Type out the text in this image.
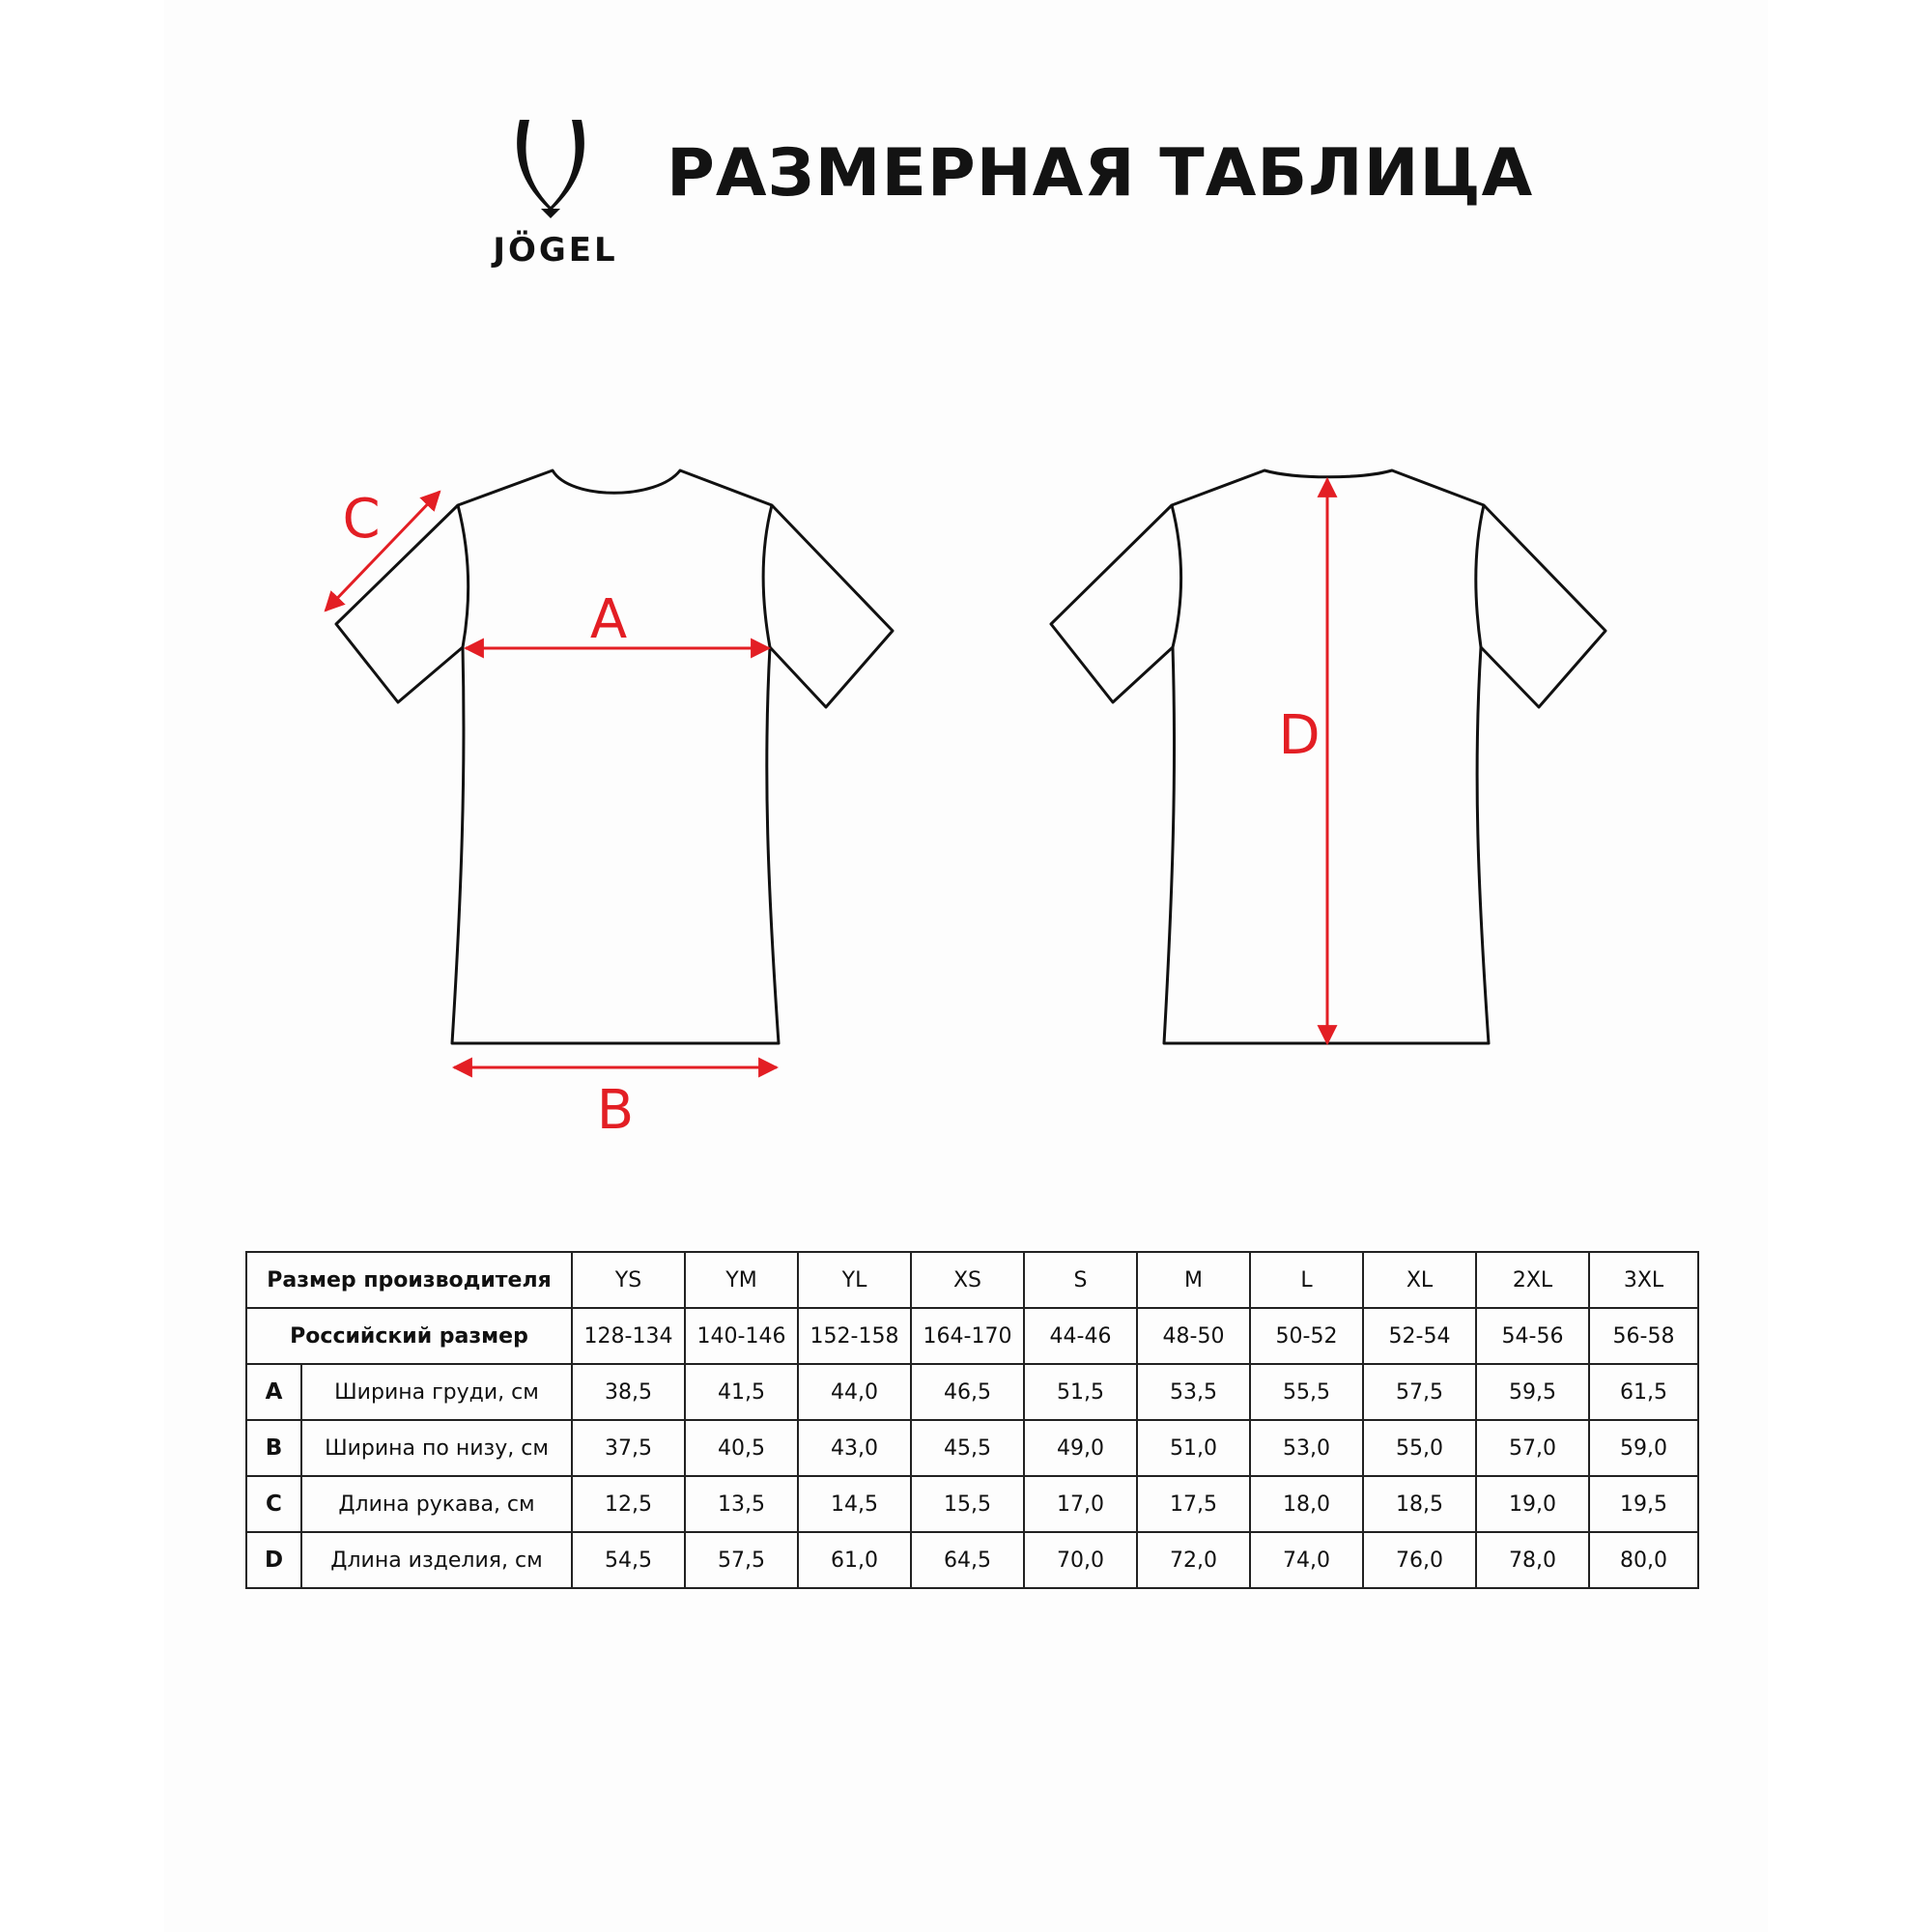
JÖGEL
РАЗМЕРНАЯ ТАБЛИЦА
A
B
C
D
Размер производителя		YS	YM	YL	XS	S	M	L	XL	2XL	3XL
Российский размер		128-134	140-146	152-158	164-170	44-46	48-50	50-52	52-54	54-56	56-58
A	Ширина груди, см	38,5	41,5	44,0	46,5	51,5	53,5	55,5	57,5	59,5	61,5
B	Ширина по низу, см	37,5	40,5	43,0	45,5	49,0	51,0	53,0	55,0	57,0	59,0
C	Длина рукава, см	12,5	13,5	14,5	15,5	17,0	17,5	18,0	18,5	19,0	19,5
D	Длина изделия, см	54,5	57,5	61,0	64,5	70,0	72,0	74,0	76,0	78,0	80,0
